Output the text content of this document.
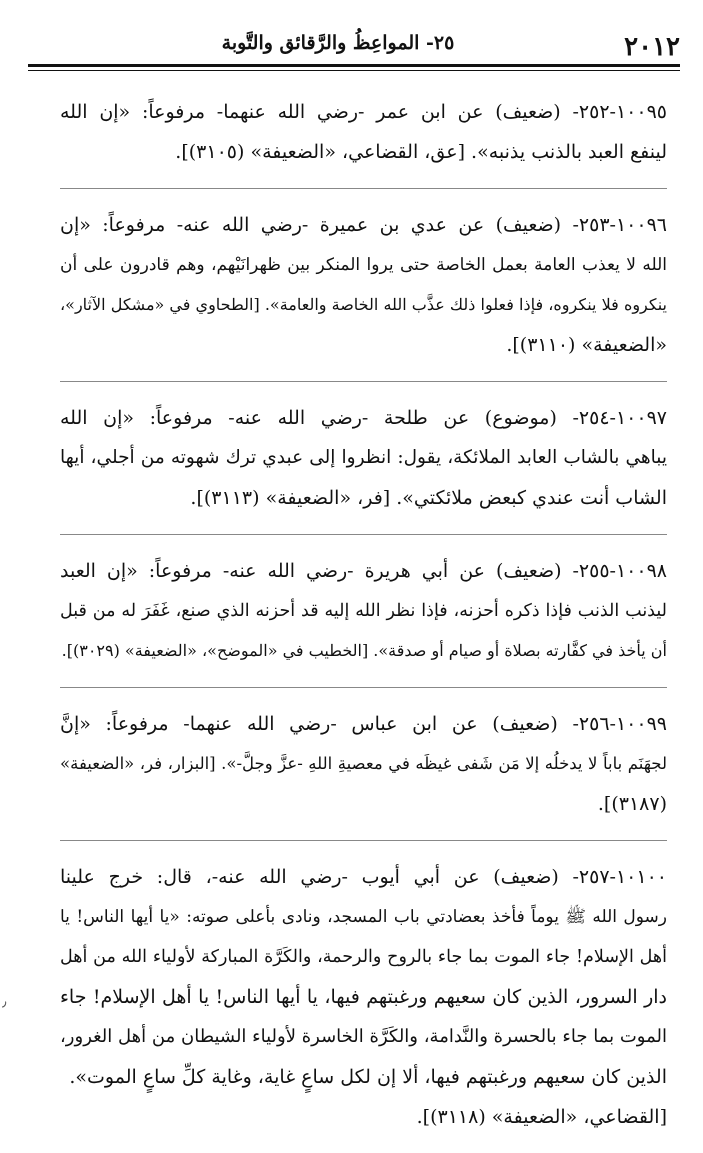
٢٠١٢
٢٥- المواعِظُ والرَّقائق والتَّوبة
١٠٠٩٥-٢٥٢- (ضعيف) عن ابن عمر -رضي الله عنهما- مرفوعاً: «إن الله
لينفع العبد بالذنب يذنبه». [عق، القضاعي، «الضعيفة» (٣١٠٥)].
١٠٠٩٦-٢٥٣- (ضعيف) عن عدي بن عميرة -رضي الله عنه- مرفوعاً: «إن
الله لا يعذب العامة بعمل الخاصة حتى يروا المنكر بين ظهرانَيْهم، وهم قادرون على أن
ينكروه فلا ينكروه، فإذا فعلوا ذلك عذَّب الله الخاصة والعامة». [الطحاوي في «مشكل الآثار»،
«الضعيفة» (٣١١٠)].
١٠٠٩٧-٢٥٤- (موضوع) عن طلحة -رضي الله عنه- مرفوعاً: «إن الله
يباهي بالشاب العابد الملائكة، يقول: انظروا إلى عبدي ترك شهوته من أجلي، أيها
الشاب أنت عندي كبعض ملائكتي». [فر، «الضعيفة» (٣١١٣)].
١٠٠٩٨-٢٥٥- (ضعيف) عن أبي هريرة -رضي الله عنه- مرفوعاً: «إن العبد
ليذنب الذنب فإذا ذكره أحزنه، فإذا نظر الله إليه قد أحزنه الذي صنع، غَفَرَ له من قبل
أن يأخذ في كفَّارته بصلاة أو صيام أو صدقة». [الخطيب في «الموضح»، «الضعيفة» (٣٠٢٩)].
١٠٠٩٩-٢٥٦- (ضعيف) عن ابن عباس -رضي الله عنهما- مرفوعاً: «إنَّ
لجهَنَم باباً لا يدخلُه إلا مَن شَفى غيظَه في معصيةِ اللهِ -عزَّ وجلَّ-». [البزار، فر، «الضعيفة»
(٣١٨٧)].
١٠١٠٠-٢٥٧- (ضعيف) عن أبي أيوب -رضي الله عنه-، قال: خرج علينا
رسول الله ﷺ يوماً فأخذ بعضادتي باب المسجد، ونادى بأعلى صوته: «يا أيها الناس! يا
أهل الإسلام! جاء الموت بما جاء بالروح والرحمة، والكَرَّة المباركة لأولياء الله من أهل
دار السرور، الذين كان سعيهم ورغبتهم فيها، يا أيها الناس! يا أهل الإسلام! جاء
الموت بما جاء بالحسرة والنَّدامة، والكَرَّة الخاسرة لأولياء الشيطان من أهل الغرور،
الذين كان سعيهم ورغبتهم فيها، ألا إن لكل ساعٍ غاية، وغاية كلِّ ساعٍ الموت».
[القضاعي، «الضعيفة» (٣١١٨)].
٫
